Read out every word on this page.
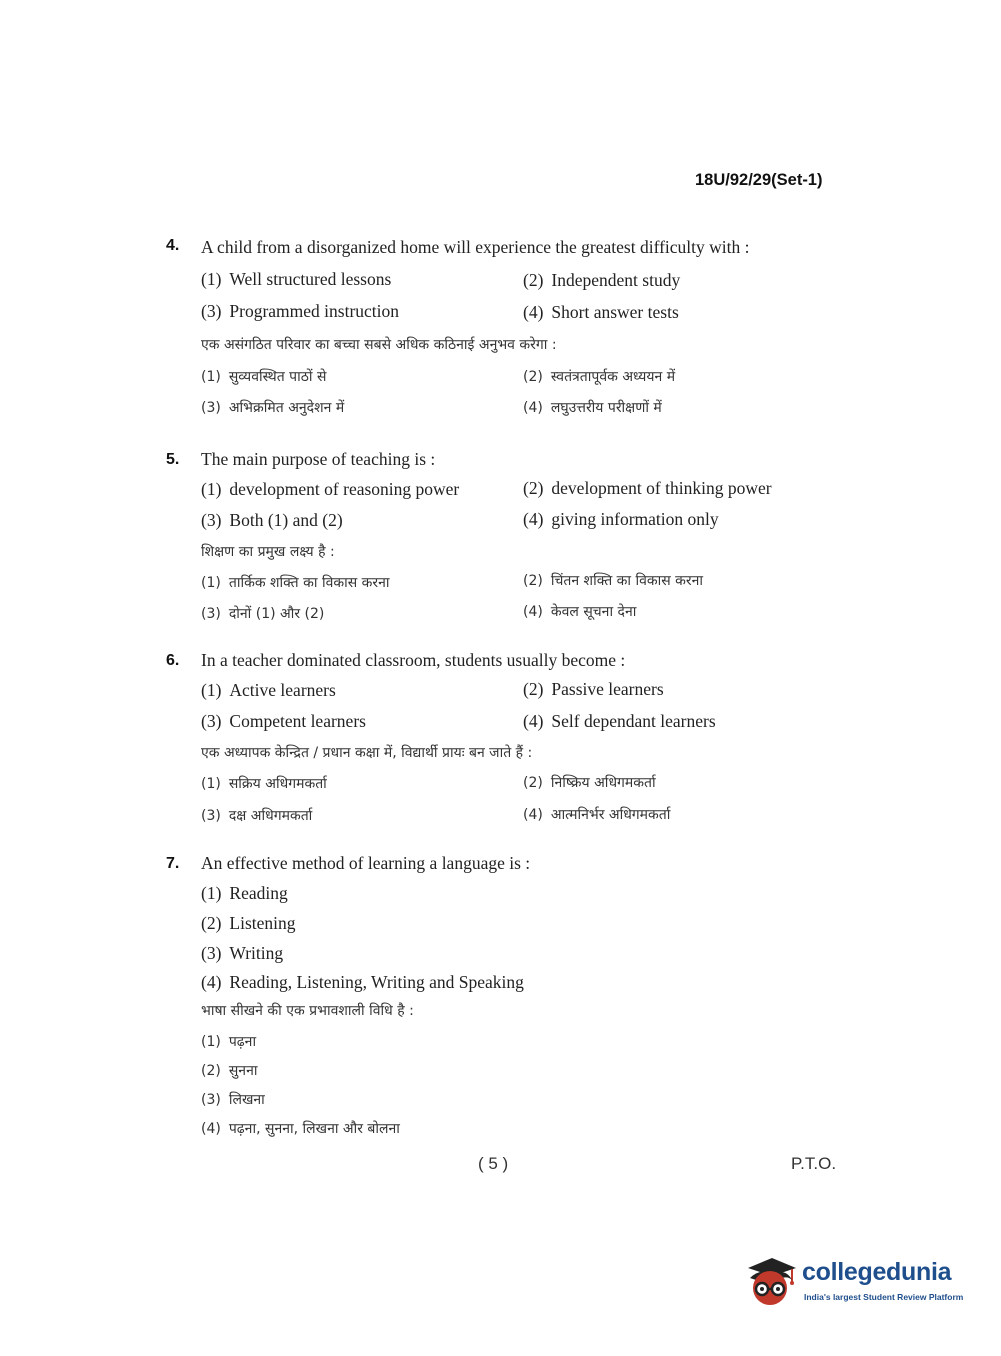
18U/92/29(Set-1)
4. A child from a disorganized home will experience the greatest difficulty with :
(1) Well structured lessons	(2) Independent study
(3) Programmed instruction	(4) Short answer tests
एक असंगठित परिवार का बच्चा सबसे अधिक कठिनाई अनुभव करेगा :
(1) सुव्यवस्थित पाठों से	(2) स्वतंत्रतापूर्वक अध्ययन में
(3) अभिक्रमित अनुदेशन में	(4) लघुउत्तरीय परीक्षणों में
5. The main purpose of teaching is :
(1) development of reasoning power	(2) development of thinking power
(3) Both (1) and (2)	(4) giving information only
शिक्षण का प्रमुख लक्ष्य है :
(1) तार्किक शक्ति का विकास करना	(2) चिंतन शक्ति का विकास करना
(3) दोनों (1) और (2)	(4) केवल सूचना देना
6. In a teacher dominated classroom, students usually become :
(1) Active learners	(2) Passive learners
(3) Competent learners	(4) Self dependant learners
एक अध्यापक केन्द्रित / प्रधान कक्षा में, विद्यार्थी प्रायः बन जाते हैं :
(1) सक्रिय अधिगमकर्ता	(2) निष्क्रिय अधिगमकर्ता
(3) दक्ष अधिगमकर्ता	(4) आत्मनिर्भर अधिगमकर्ता
7. An effective method of learning a language is :
(1) Reading
(2) Listening
(3) Writing
(4) Reading, Listening, Writing and Speaking
भाषा सीखने की एक प्रभावशाली विधि है :
(1) पढ़ना
(2) सुनना
(3) लिखना
(4) पढ़ना, सुनना, लिखना और बोलना
( 5 )	P.T.O.
collegedunia
India's largest Student Review Platform
